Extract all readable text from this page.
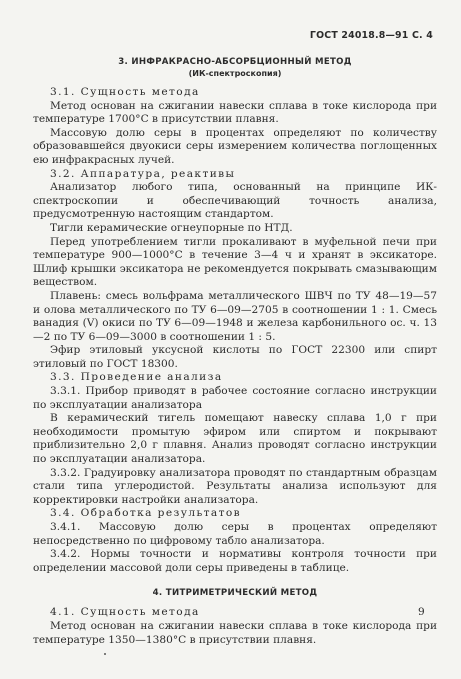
ГОСТ 24018.8—91 С. 4
3. ИНФРАКРАСНО-АБСОРБЦИОННЫЙ МЕТОД
(ИК-спектроскопия)

3.1. Сущность метода

Метод основан на сжигании навески сплава в токе кислорода при температуре 1700°C в присутствии плавня.

Массовую долю серы в процентах определяют по количеству образовавшейся двуокиси серы измерением количества поглощенных ею инфракрасных лучей.

3.2. Аппаратура, реактивы

Анализатор любого типа, основанный на принципе ИК-спектроскопии и обеспечивающий точность анализа, предусмотренную настоящим стандартом.

Тигли керамические огнеупорные по НТД.

Перед употреблением тигли прокаливают в муфельной печи при температуре 900—1000°C в течение 3—4 ч и хранят в эксикаторе. Шлиф крышки эксикатора не рекомендуется покрывать смазывающим веществом.

Плавень: смесь вольфрама металлического ШВЧ по ТУ 48—19—57 и олова металлического по ТУ 6—09—2705 в соотношении 1 : 1. Смесь ванадия (V) окиси по ТУ 6—09—1948 и железа карбонильного ос. ч. 13—2 по ТУ 6—09—3000 в соотношении 1 : 5.

Эфир этиловый уксусной кислоты по ГОСТ 22300 или спирт этиловый по ГОСТ 18300.

3.3. Проведение анализа

3.3.1. Прибор приводят в рабочее состояние согласно инструкции по эксплуатации анализатора

В керамический тигель помещают навеску сплава 1,0 г при необходимости промытую эфиром или спиртом и покрывают приблизительно 2,0 г плавня. Анализ проводят согласно инструкции по эксплуатации анализатора.

3.3.2. Градуировку анализатора проводят по стандартным образцам стали типа углеродистой. Результаты анализа используют для корректировки настройки анализатора.

3.4. Обработка результатов

3.4.1. Массовую долю серы в процентах определяют непосредственно по цифровому табло анализатора.

3.4.2. Нормы точности и нормативы контроля точности при определении массовой доли серы приведены в таблице.

4. ТИТРИМЕТРИЧЕСКИЙ МЕТОД

4.1. Сущность метода

Метод основан на сжигании навески сплава в токе кислорода при температуре 1350—1380°C в присутствии плавня.

9
